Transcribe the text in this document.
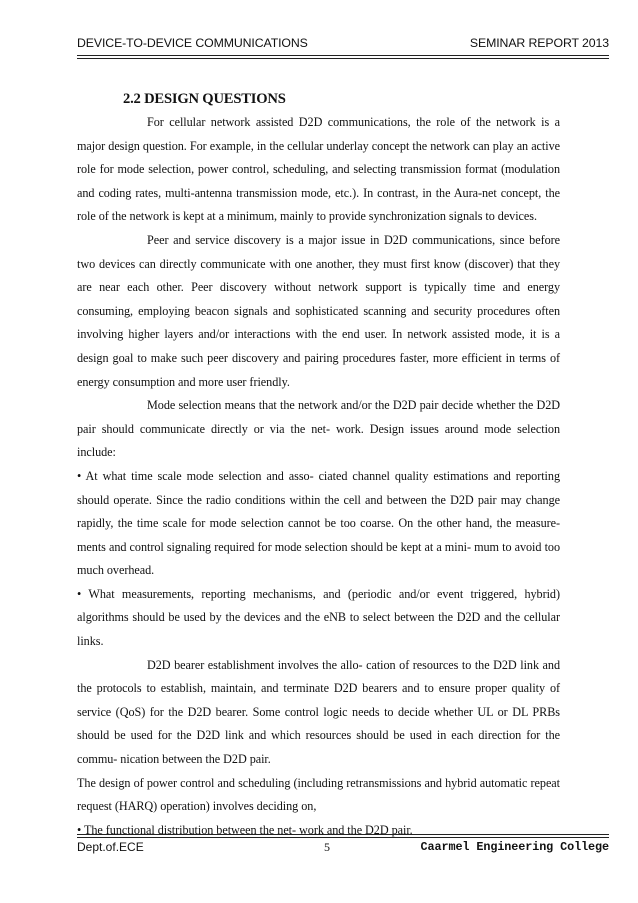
DEVICE-TO-DEVICE COMMUNICATIONS	SEMINAR REPORT 2013
2.2 DESIGN QUESTIONS

For cellular network assisted D2D communications, the role of the network is a major design question. For example, in the cellular underlay concept the network can play an active role for mode selection, power control, scheduling, and selecting transmission format (modulation and coding rates, multi-antenna transmission mode, etc.). In contrast, in the Aura-net concept, the role of the network is kept at a minimum, mainly to provide synchronization signals to devices.

Peer and service discovery is a major issue in D2D communications, since before two devices can directly communicate with one another, they must first know (discover) that they are near each other. Peer discovery without network support is typically time and energy consuming, employing beacon signals and sophisticated scanning and security procedures often involving higher layers and/or interactions with the end user. In network assisted mode, it is a design goal to make such peer discovery and pairing procedures faster, more efficient in terms of energy consumption and more user friendly.

Mode selection means that the network and/or the D2D pair decide whether the D2D pair should communicate directly or via the net- work. Design issues around mode selection include:

• At what time scale mode selection and asso- ciated channel quality estimations and reporting should operate. Since the radio conditions within the cell and between the D2D pair may change rapidly, the time scale for mode selection cannot be too coarse. On the other hand, the measure- ments and control signaling required for mode selection should be kept at a mini- mum to avoid too much overhead.

• What measurements, reporting mechanisms, and (periodic and/or event triggered, hybrid) algorithms should be used by the devices and the eNB to select between the D2D and the cellular links.

D2D bearer establishment involves the allo- cation of resources to the D2D link and the protocols to establish, maintain, and terminate D2D bearers and to ensure proper quality of service (QoS) for the D2D bearer. Some control logic needs to decide whether UL or DL PRBs should be used for the D2D link and which resources should be used in each direction for the commu- nication between the D2D pair.

The design of power control and scheduling (including retransmissions and hybrid automatic repeat request (HARQ) operation) involves deciding on,

• The functional distribution between the net- work and the D2D pair.

Dept.of.ECE	5	Caarmel Engineering College
